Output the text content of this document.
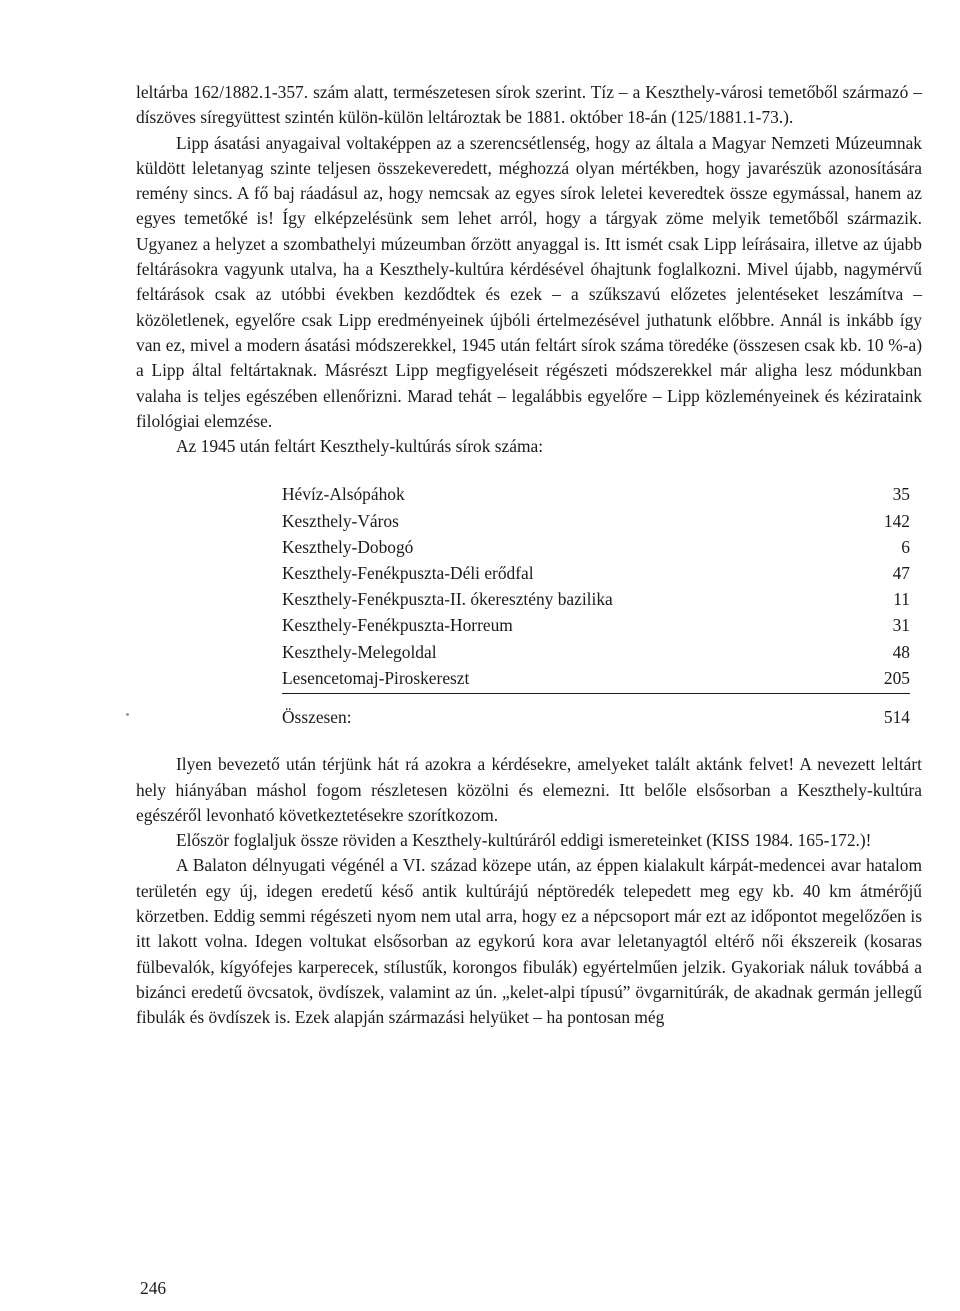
leltárba 162/1882.1-357. szám alatt, természetesen sírok szerint. Tíz – a Keszthely-városi temetőből származó – díszöves síregyüttest szintén külön-külön leltároztak be 1881. október 18-án (125/1881.1-73.).

Lipp ásatási anyagaival voltaképpen az a szerencsétlenség, hogy az általa a Magyar Nemzeti Múzeumnak küldött leletanyag szinte teljesen összekeveredett, méghozzá olyan mértékben, hogy javarészük azonosítására remény sincs. A fő baj ráadásul az, hogy nemcsak az egyes sírok leletei keveredtek össze egymással, hanem az egyes temetőké is! Így elképzelésünk sem lehet arról, hogy a tárgyak zöme melyik temetőből származik. Ugyanez a helyzet a szombathelyi múzeumban őrzött anyaggal is. Itt ismét csak Lipp leírásaira, illetve az újabb feltárásokra vagyunk utalva, ha a Keszthely-kultúra kérdésével óhajtunk foglalkozni. Mivel újabb, nagymérvű feltárások csak az utóbbi években kezdődtek és ezek – a szűkszavú előzetes jelentéseket leszámítva – közöletlenek, egyelőre csak Lipp eredményeinek újbóli értelmezésével juthatunk előbbre. Annál is inkább így van ez, mivel a modern ásatási módszerekkel, 1945 után feltárt sírok száma töredéke (összesen csak kb. 10 %-a) a Lipp által feltártaknak. Másrészt Lipp megfigyeléseit régészeti módszerekkel már aligha lesz módunkban valaha is teljes egészében ellenőrizni. Marad tehát – legalábbis egyelőre – Lipp közleményeinek és kézirataink filológiai elemzése.

Az 1945 után feltárt Keszthely-kultúrás sírok száma:

Hévíz-Alsópáhok	35
Keszthely-Város	142
Keszthely-Dobogó	6
Keszthely-Fenékpuszta-Déli erődfal	47
Keszthely-Fenékpuszta-II. ókeresztény bazilika	11
Keszthely-Fenékpuszta-Horreum	31
Keszthely-Melegoldal	48
Lesencetomaj-Piroskereszt	205
Összesen:	514

Ilyen bevezető után térjünk hát rá azokra a kérdésekre, amelyeket talált aktánk felvet! A nevezett leltárt hely hiányában máshol fogom részletesen közölni és elemezni. Itt belőle elsősorban a Keszthely-kultúra egészéről levonható következtetésekre szorítkozom.

Először foglaljuk össze röviden a Keszthely-kultúráról eddigi ismereteinket (KISS 1984. 165-172.)!

A Balaton délnyugati végénél a VI. század közepe után, az éppen kialakult kárpát-medencei avar hatalom területén egy új, idegen eredetű késő antik kultúrájú néptöredék telepedett meg egy kb. 40 km átmérőjű körzetben. Eddig semmi régészeti nyom nem utal arra, hogy ez a népcsoport már ezt az időpontot megelőzően is itt lakott volna. Idegen voltukat elsősorban az egykorú kora avar leletanyagtól eltérő női ékszereik (kosaras fülbevalók, kígyófejes karperecek, stílustűk, korongos fibulák) egyértelműen jelzik. Gyakoriak náluk továbbá a bizánci eredetű övcsatok, övdíszek, valamint az ún. „kelet-alpi típusú” övgarnitúrák, de akadnak germán jellegű fibulák és övdíszek is. Ezek alapján származási helyüket – ha pontosan még

246
